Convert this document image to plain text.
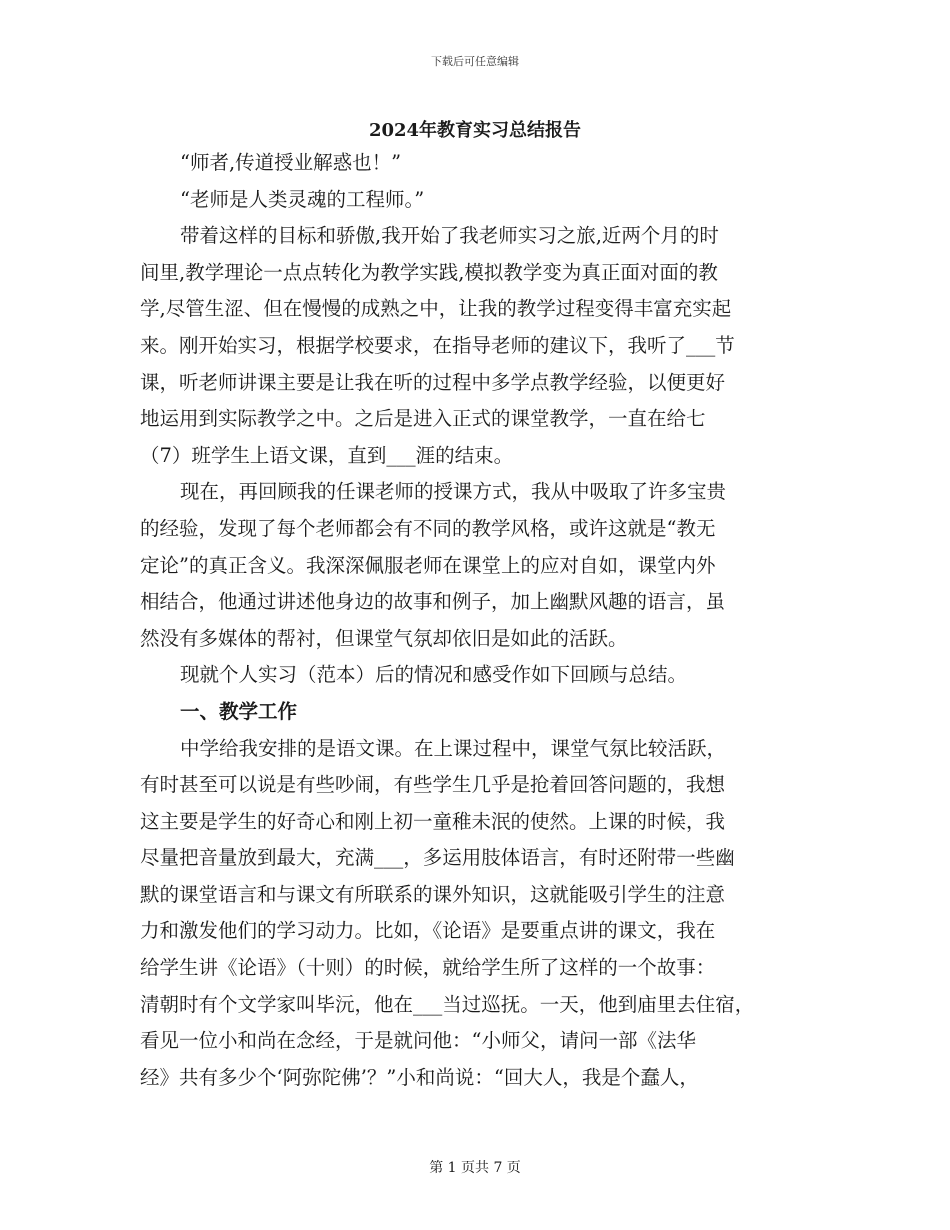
下载后可任意编辑
2024年教育实习总结报告
“师者,传道授业解惑也！”
“老师是人类灵魂的工程师。”
带着这样的目标和骄傲,我开始了我老师实习之旅,近两个月的时
间里,教学理论一点点转化为教学实践,模拟教学变为真正面对面的教
学,尽管生涩、但在慢慢的成熟之中，让我的教学过程变得丰富充实起
来。刚开始实习，根据学校要求，在指导老师的建议下，我听了___节
课，听老师讲课主要是让我在听的过程中多学点教学经验，以便更好
地运用到实际教学之中。之后是进入正式的课堂教学，一直在给七
（7）班学生上语文课，直到___涯的结束。
现在，再回顾我的任课老师的授课方式，我从中吸取了许多宝贵
的经验，发现了每个老师都会有不同的教学风格，或许这就是“教无
定论”的真正含义。我深深佩服老师在课堂上的应对自如，课堂内外
相结合，他通过讲述他身边的故事和例子，加上幽默风趣的语言，虽
然没有多媒体的帮衬，但课堂气氛却依旧是如此的活跃。
现就个人实习（范本）后的情况和感受作如下回顾与总结。
一、教学工作
中学给我安排的是语文课。在上课过程中，课堂气氛比较活跃，
有时甚至可以说是有些吵闹，有些学生几乎是抢着回答问题的，我想
这主要是学生的好奇心和刚上初一童稚未泯的使然。上课的时候，我
尽量把音量放到最大，充满___，多运用肢体语言，有时还附带一些幽
默的课堂语言和与课文有所联系的课外知识，这就能吸引学生的注意
力和激发他们的学习动力。比如，《论语》是要重点讲的课文，我在
给学生讲《论语》（十则）的时候，就给学生所了这样的一个故事：
清朝时有个文学家叫毕沅，他在___当过巡抚。一天，他到庙里去住宿，
看见一位小和尚在念经，于是就问他：“小师父，请问一部《法华
经》共有多少个‘阿弥陀佛’？”小和尚说：“回大人，我是个蠢人，
第 1 页共 7 页
